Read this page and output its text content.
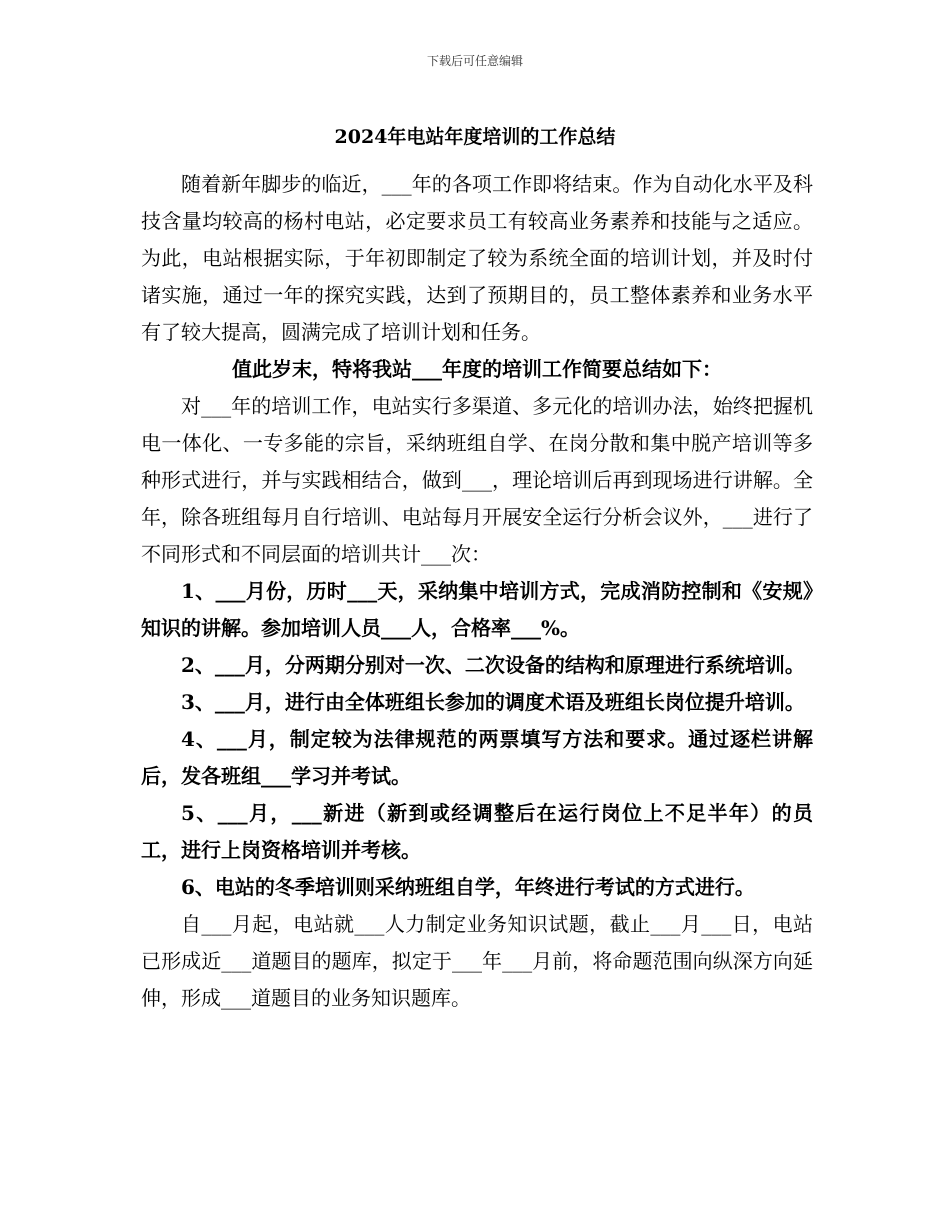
下载后可任意编辑
2024年电站年度培训的工作总结

随着新年脚步的临近，___年的各项工作即将结束。作为自动化水平及科技含量均较高的杨村电站，必定要求员工有较高业务素养和技能与之适应。为此，电站根据实际，于年初即制定了较为系统全面的培训计划，并及时付诸实施，通过一年的探究实践，达到了预期目的，员工整体素养和业务水平有了较大提高，圆满完成了培训计划和任务。

值此岁末，特将我站___年度的培训工作简要总结如下：

对___年的培训工作，电站实行多渠道、多元化的培训办法，始终把握机电一体化、一专多能的宗旨，采纳班组自学、在岗分散和集中脱产培训等多种形式进行，并与实践相结合，做到___，理论培训后再到现场进行讲解。全年，除各班组每月自行培训、电站每月开展安全运行分析会议外，___进行了不同形式和不同层面的培训共计___次：

1、___月份，历时___天，采纳集中培训方式，完成消防控制和《安规》知识的讲解。参加培训人员___人，合格率___%。

2、___月，分两期分别对一次、二次设备的结构和原理进行系统培训。

3、___月，进行由全体班组长参加的调度术语及班组长岗位提升培训。

4、___月，制定较为法律规范的两票填写方法和要求。通过逐栏讲解后，发各班组___学习并考试。

5、___月，___新进（新到或经调整后在运行岗位上不足半年）的员工，进行上岗资格培训并考核。

6、电站的冬季培训则采纳班组自学，年终进行考试的方式进行。

自___月起，电站就___人力制定业务知识试题，截止___月___日，电站已形成近___道题目的题库，拟定于___年___月前，将命题范围向纵深方向延伸，形成___道题目的业务知识题库。
